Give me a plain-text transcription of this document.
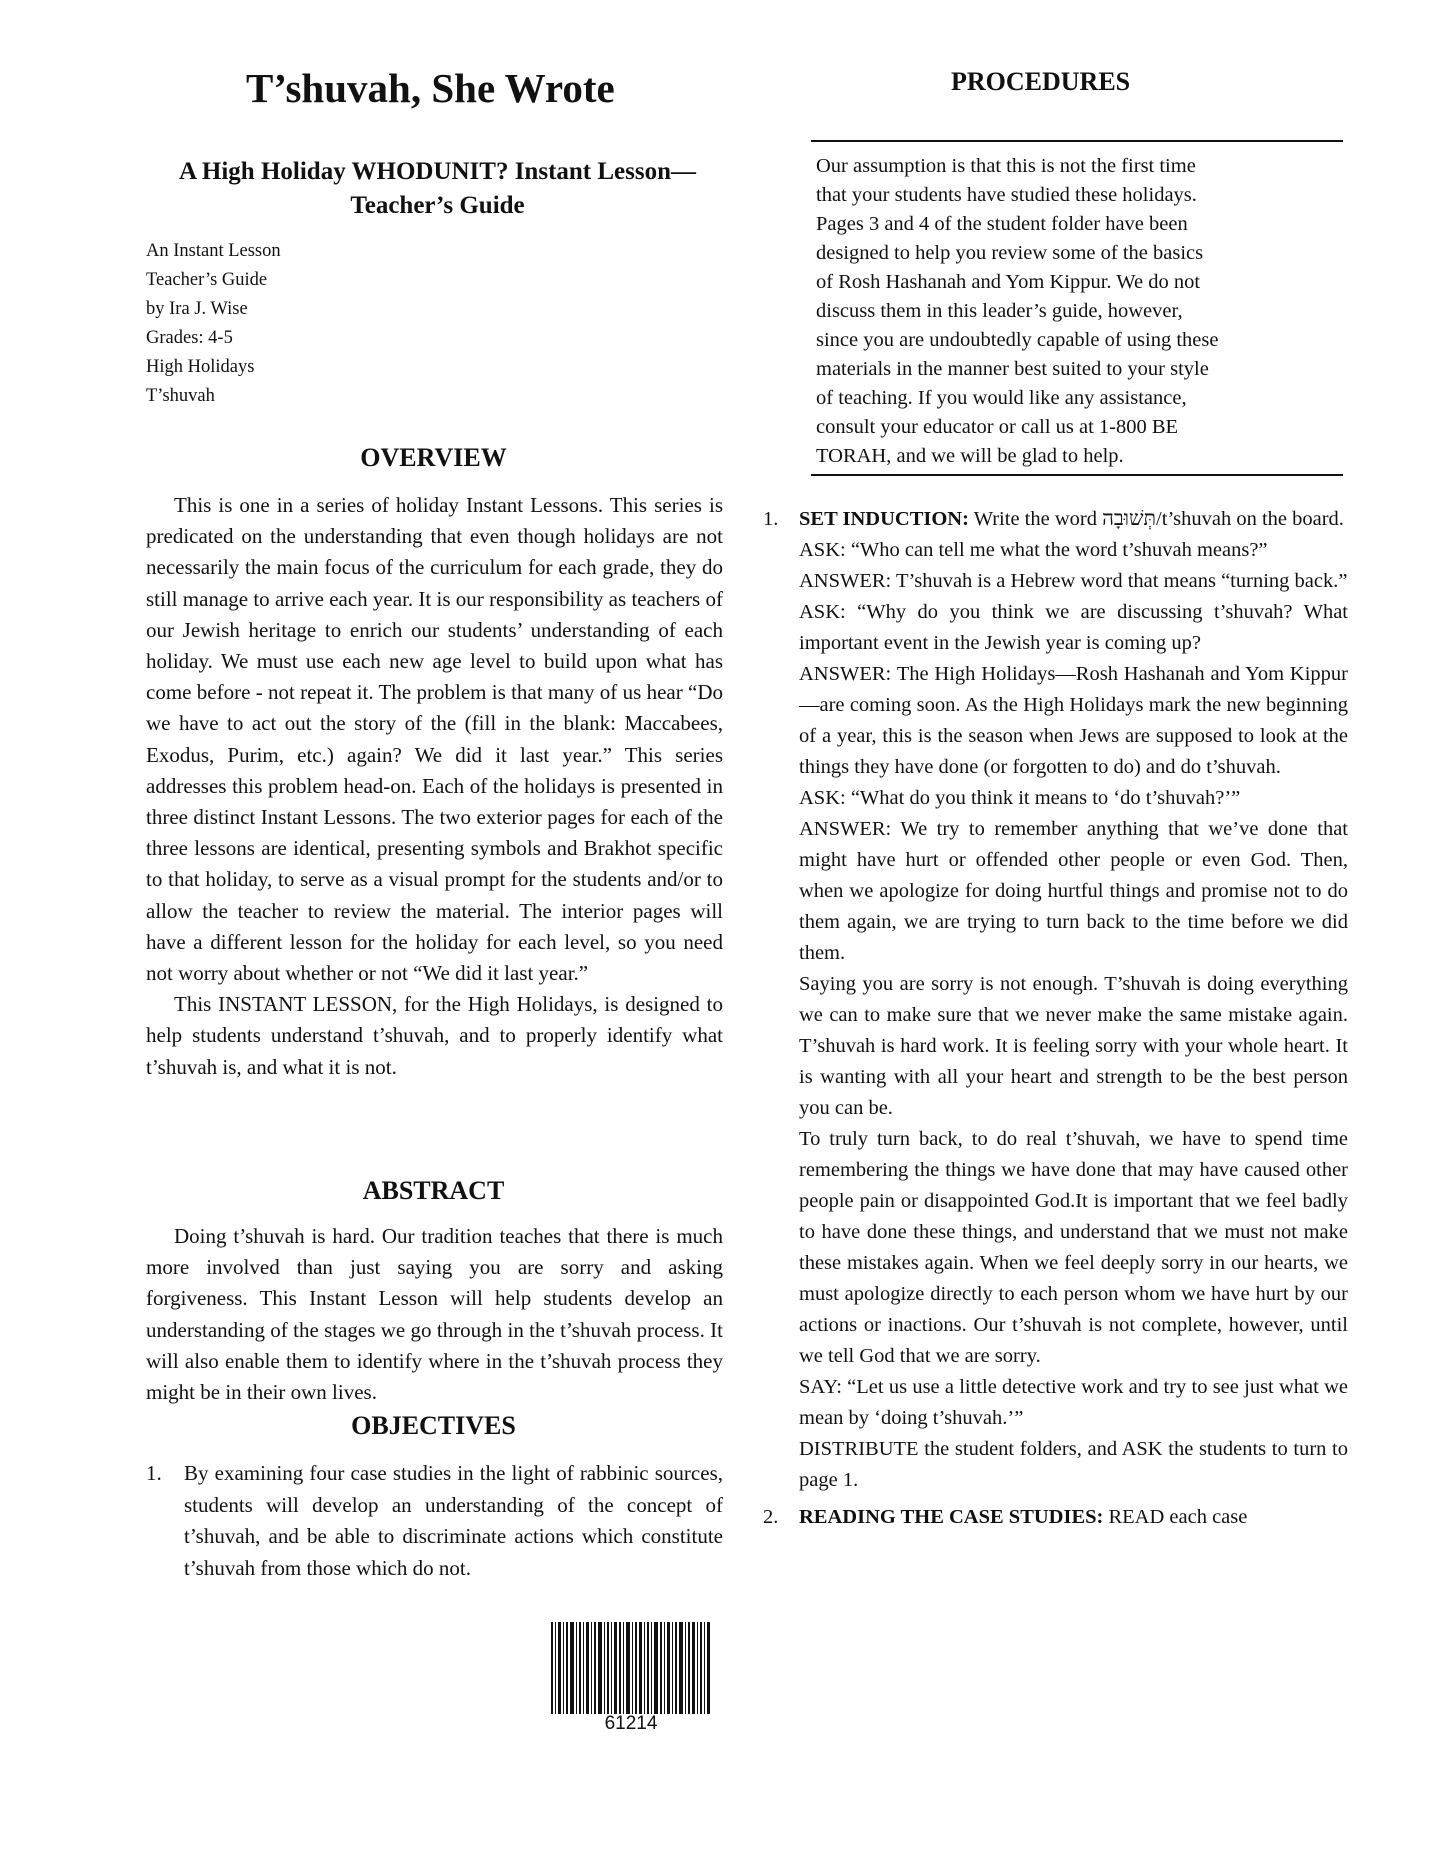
T’shuvah, She Wrote
A High Holiday WHODUNIT? Instant Lesson—
Teacher’s Guide
An Instant Lesson
Teacher’s Guide
by Ira J. Wise
Grades: 4-5
High Holidays
T’shuvah
OVERVIEW

This is one in a series of holiday Instant Lessons. This series is predicated on the understanding that even though holidays are not necessarily the main focus of the curriculum for each grade, they do still manage to arrive each year. It is our responsibility as teachers of our Jewish heritage to enrich our students’ understanding of each holiday. We must use each new age level to build upon what has come before - not repeat it. The problem is that many of us hear “Do we have to act out the story of the (fill in the blank: Maccabees, Exodus, Purim, etc.) again? We did it last year.” This series addresses this problem head-on. Each of the holidays is presented in three distinct Instant Lessons. The two exterior pages for each of the three lessons are identical, presenting symbols and Brakhot specific to that holiday, to serve as a visual prompt for the students and/or to allow the teacher to review the material. The interior pages will have a different lesson for the holiday for each level, so you need not worry about whether or not “We did it last year.”

This INSTANT LESSON, for the High Holidays, is designed to help students understand t’shuvah, and to properly identify what t’shuvah is, and what it is not.

ABSTRACT

Doing t’shuvah is hard. Our tradition teaches that there is much more involved than just saying you are sorry and asking forgiveness. This Instant Lesson will help students develop an understanding of the stages we go through in the t’shuvah process. It will also enable them to identify where in the t’shuvah process they might be in their own lives.

OBJECTIVES
1. By examining four case studies in the light of rabbinic sources, students will develop an understanding of the concept of t’shuvah, and be able to discriminate actions which constitute t’shuvah from those which do not.
61214
PROCEDURES
Our assumption is that this is not the first time
that your students have studied these holidays.
Pages 3 and 4 of the student folder have been
designed to help you review some of the basics
of Rosh Hashanah and Yom Kippur. We do not
discuss them in this leader’s guide, however,
since you are undoubtedly capable of using these
materials in the manner best suited to your style
of teaching. If you would like any assistance,
consult your educator or call us at 1-800 BE
TORAH, and we will be glad to help.
1. SET INDUCTION: Write the word תְּשׁוּבָה/t’shuvah on the board.
ASK: “Who can tell me what the word t’shuvah means?”
ANSWER: T’shuvah is a Hebrew word that means “turning back.”
ASK: “Why do you think we are discussing t’shuvah? What important event in the Jewish year is coming up?
ANSWER: The High Holidays—Rosh Hashanah and Yom Kippur—are coming soon. As the High Holidays mark the new beginning of a year, this is the season when Jews are supposed to look at the things they have done (or forgotten to do) and do t’shuvah.
ASK: “What do you think it means to ‘do t’shuvah?’”
ANSWER: We try to remember anything that we’ve done that might have hurt or offended other people or even God. Then, when we apologize for doing hurtful things and promise not to do them again, we are trying to turn back to the time before we did them.
Saying you are sorry is not enough. T’shuvah is doing everything we can to make sure that we never make the same mistake again. T’shuvah is hard work. It is feeling sorry with your whole heart. It is wanting with all your heart and strength to be the best person you can be.
To truly turn back, to do real t’shuvah, we have to spend time remembering the things we have done that may have caused other people pain or disappointed God.It is important that we feel badly to have done these things, and understand that we must not make these mistakes again. When we feel deeply sorry in our hearts, we must apologize directly to each person whom we have hurt by our actions or inactions. Our t’shuvah is not complete, however, until we tell God that we are sorry.
SAY: “Let us use a little detective work and try to see just what we mean by ‘doing t’shuvah.’”
DISTRIBUTE the student folders, and ASK the students to turn to page 1.
2. READING THE CASE STUDIES: READ each case
